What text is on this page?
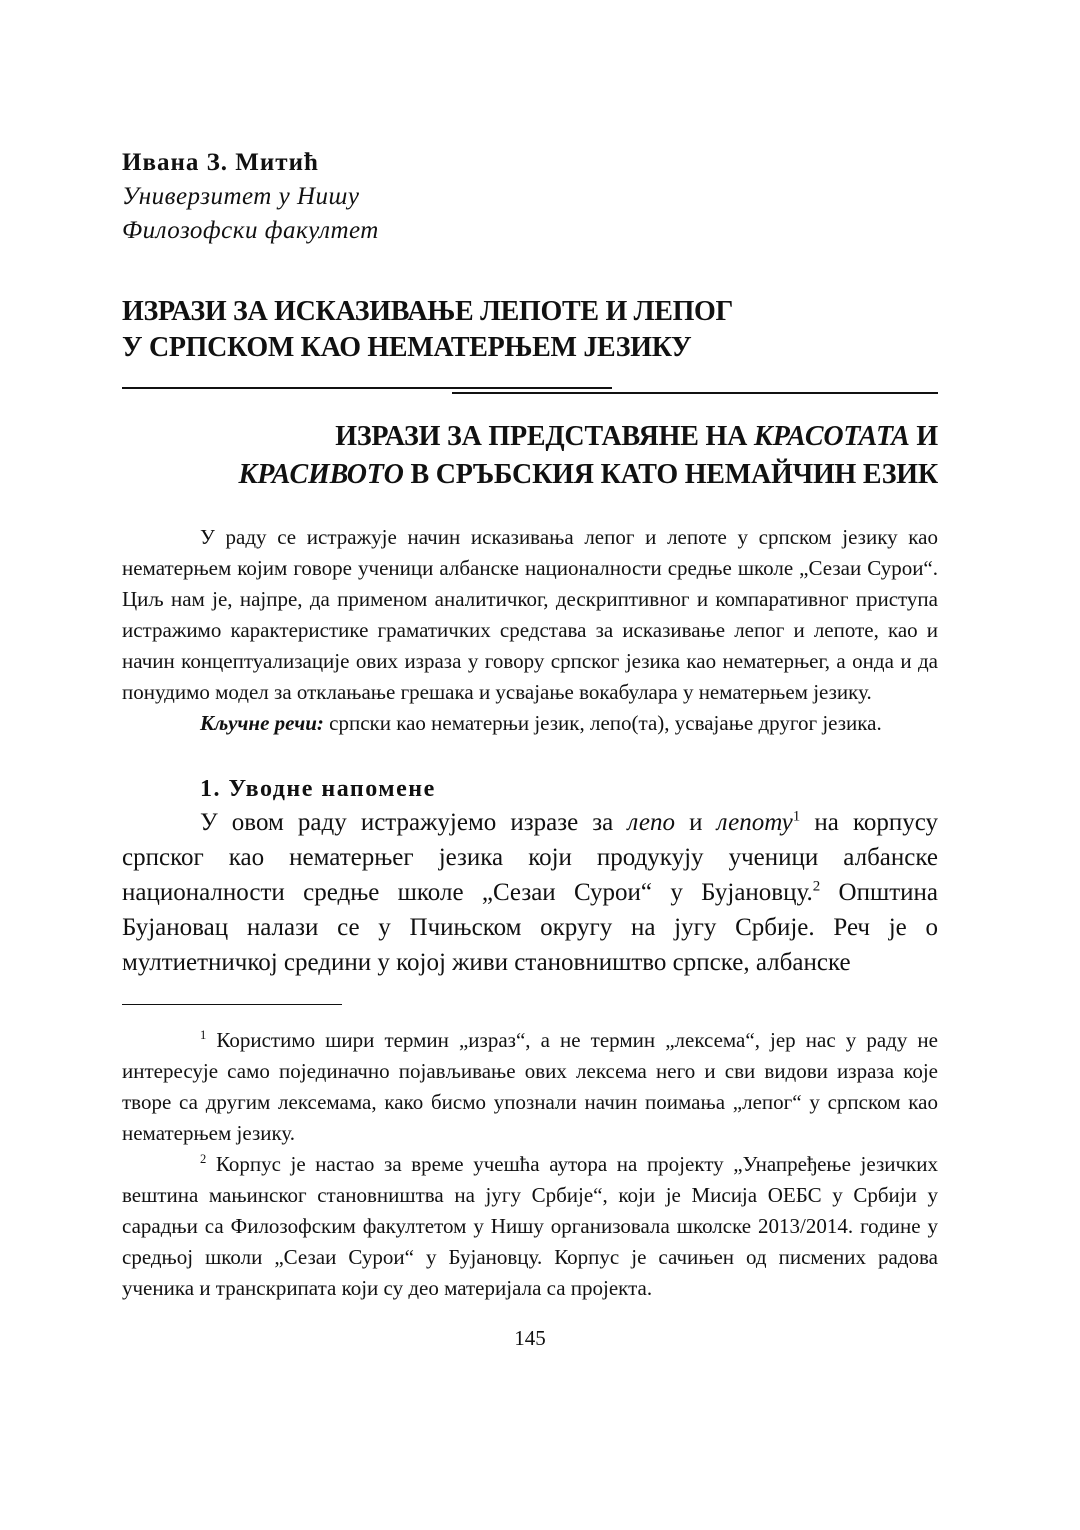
Ивана З. Митић
Универзитет у Нишу
Филозофски факултет
ИЗРАЗИ ЗА ИСКАЗИВАЊЕ ЛЕПОТЕ И ЛЕПОГ
У СРПСКОМ КАО НЕМАТЕРЊЕМ ЈЕЗИКУ
ИЗРАЗИ ЗА ПРЕДСТАВЯНЕ НА КРАСОТАТА И
КРАСИВОТО В СРЪБСКИЯ КАТО НЕМАЙЧИН ЕЗИК

У раду се истражује начин исказивања лепог и лепоте у српском језику као нематерњем којим говоре ученици албанске националности средње школе „Сезаи Сурои“. Циљ нам је, најпре, да применом аналитичког, дескриптивног и компаративног приступа истражимо карактеристике граматичких средстава за исказивање лепог и лепоте, као и начин концептуализације ових израза у говору српског језика као нематерњег, а онда и да понудимо модел за отклањање грешака и усвајање вокабулара у нематерњем језику.

Кључне речи: српски као нематерњи језик, лепо(та), усвајање другог језика.

1. Уводне напомене

У овом раду истражујемо изразе за лепо и лепоту$^1$ на корпусу српског као нематерњег језика који продукују ученици албанске националности средње школе „Сезаи Сурои“ у Бујановцу.$^2$ Општина Бујановац налази се у Пчињском округу на југу Србије. Реч је о мултиетничкој средини у којој живи становништво српске, албанске

$^1$ Користимо шири термин „израз“, а не термин „лексема“, јер нас у раду не интересује само појединачно појављивање ових лексема него и сви видови израза које творе са другим лексемама, како бисмо упознали начин поимања „лепог“ у српском као нематерњем језику.

$^2$ Корпус је настао за време учешћа аутора на пројекту „Унапређење језичких вештина мањинског становништва на југу Србије“, који је Мисија ОЕБС у Србији у сарадњи са Филозофским факултетом у Нишу организовала школске 2013/2014. године у средњој школи „Сезаи Сурои“ у Бујановцу. Корпус је сачињен од писмених радова ученика и транскрипата који су део материјала са пројекта.

145
